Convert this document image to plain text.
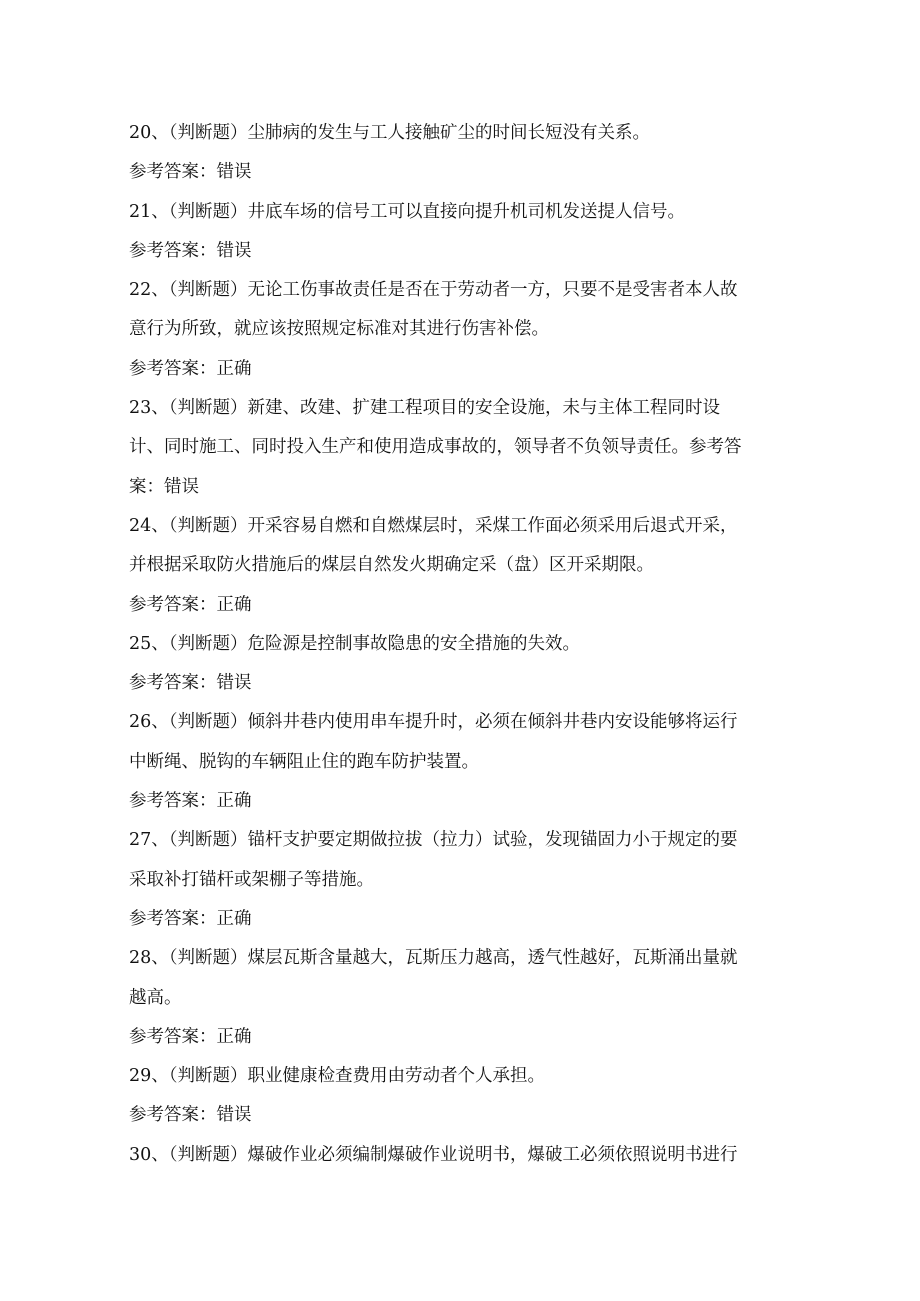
20、（判断题）尘肺病的发生与工人接触矿尘的时间长短没有关系。
参考答案：错误
21、（判断题）井底车场的信号工可以直接向提升机司机发送提人信号。
参考答案：错误
22、（判断题）无论工伤事故责任是否在于劳动者一方，只要不是受害者本人故
意行为所致，就应该按照规定标准对其进行伤害补偿。
参考答案：正确
23、（判断题）新建、改建、扩建工程项目的安全设施，未与主体工程同时设
计、同时施工、同时投入生产和使用造成事故的，领导者不负领导责任。参考答
案：错误
24、（判断题）开采容易自燃和自燃煤层时，采煤工作面必须采用后退式开采，
并根据采取防火措施后的煤层自然发火期确定采（盘）区开采期限。
参考答案：正确
25、（判断题）危险源是控制事故隐患的安全措施的失效。
参考答案：错误
26、（判断题）倾斜井巷内使用串车提升时，必须在倾斜井巷内安设能够将运行
中断绳、脱钩的车辆阻止住的跑车防护装置。
参考答案：正确
27、（判断题）锚杆支护要定期做拉拔（拉力）试验，发现锚固力小于规定的要
采取补打锚杆或架棚子等措施。
参考答案：正确
28、（判断题）煤层瓦斯含量越大，瓦斯压力越高，透气性越好，瓦斯涌出量就
越高。
参考答案：正确
29、（判断题）职业健康检查费用由劳动者个人承担。
参考答案：错误
30、（判断题）爆破作业必须编制爆破作业说明书，爆破工必须依照说明书进行
